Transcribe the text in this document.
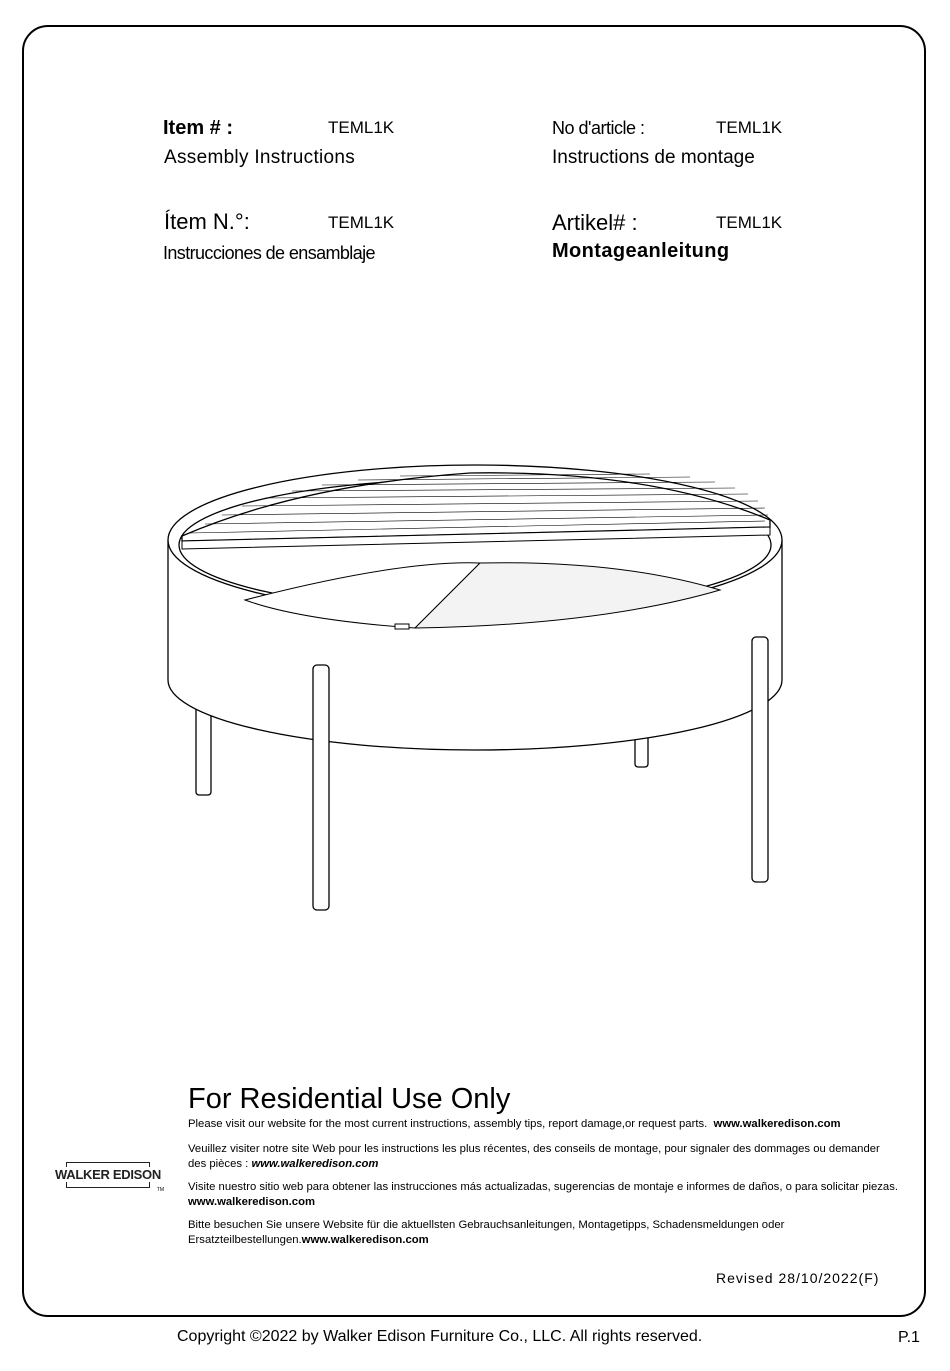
Item # :	TEML1K
Assembly Instructions
No d'article :	TEML1K
Instructions de montage
Ítem N.°:	TEML1K
Instrucciones de ensamblaje
Artikel# :	TEML1K
Montageanleitung
For Residential Use Only
Please visit our website for the most current instructions, assembly tips, report damage,or request parts. www.walkeredison.com
Veuillez visiter notre site Web pour les instructions les plus récentes, des conseils de montage, pour signaler des dommages ou demander des pièces : www.walkeredison.com
Visite nuestro sitio web para obtener las instrucciones más actualizadas, sugerencias de montaje e informes de daños, o para solicitar piezas. www.walkeredison.com
Bitte besuchen Sie unsere Website für die aktuellsten Gebrauchsanleitungen, Montagetipps, Schadensmeldungen oder Ersatzteilbestellungen.www.walkeredison.com
WALKER EDISON
TM
Revised 28/10/2022(F)
Copyright ©2022 by Walker Edison Furniture Co., LLC. All rights reserved.	P.1
